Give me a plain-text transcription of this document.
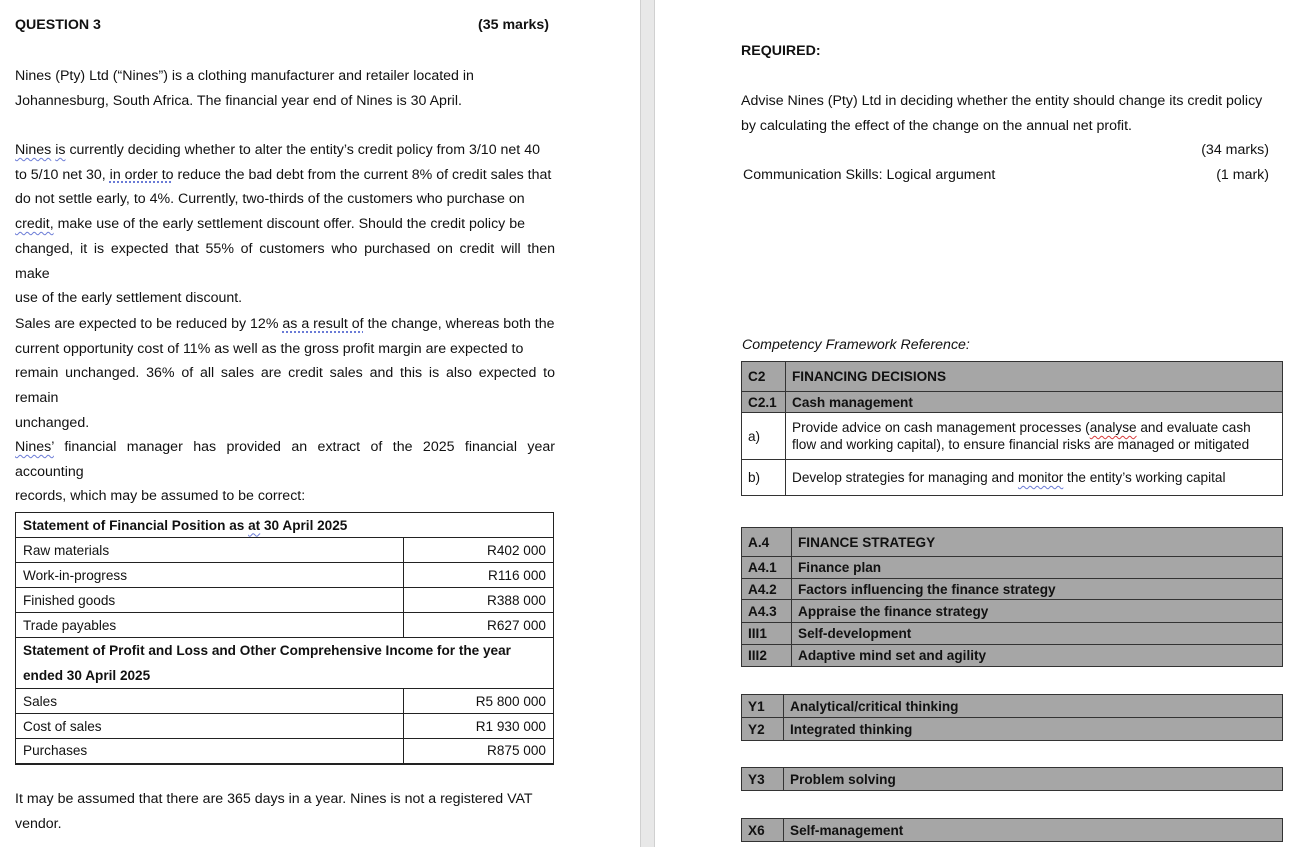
QUESTION 3	(35 marks)
Nines (Pty) Ltd (“Nines”) is a clothing manufacturer and retailer located in
Johannesburg, South Africa. The financial year end of Nines is 30 April.
Nines is currently deciding whether to alter the entity’s credit policy from 3/10 net 40
to 5/10 net 30, in order to reduce the bad debt from the current 8% of credit sales that
do not settle early, to 4%. Currently, two-thirds of the customers who purchase on
credit, make use of the early settlement discount offer. Should the credit policy be
changed, it is expected that 55% of customers who purchased on credit will then make
use of the early settlement discount.
Sales are expected to be reduced by 12% as a result of the change, whereas both the
current opportunity cost of 11% as well as the gross profit margin are expected to
remain unchanged. 36% of all sales are credit sales and this is also expected to remain
unchanged.
Nines’ financial manager has provided an extract of the 2025 financial year accounting
records, which may be assumed to be correct:
Statement of Financial Position as at 30 April 2025	
Raw materials	R402 000
Work-in-progress	R116 000
Finished goods	R388 000
Trade payables	R627 000

Statement of Profit and Loss and Other Comprehensive Income for the year
ended 30 April 2025	

Sales	R5 800 000
Cost of sales	R1 930 000
Purchases	R875 000
It may be assumed that there are 365 days in a year. Nines is not a registered VAT
vendor.
REQUIRED:
Advise Nines (Pty) Ltd in deciding whether the entity should change its credit policy
by calculating the effect of the change on the annual net profit.
(34 marks)
Communication Skills: Logical argument	(1 mark)
Competency Framework Reference:
C2	FINANCING DECISIONS
C2.1	Cash management
a)	Provide advice on cash management processes (analyse and evaluate cash
flow and working capital), to ensure financial risks are managed or mitigated

b)	Develop strategies for managing and monitor the entity’s working capital
A.4	FINANCE STRATEGY
A4.1	Finance plan
A4.2	Factors influencing the finance strategy
A4.3	Appraise the finance strategy
III1	Self-development
III2	Adaptive mind set and agility
Y1	Analytical/critical thinking
Y2	Integrated thinking
Y3	Problem solving
X6	Self-management
